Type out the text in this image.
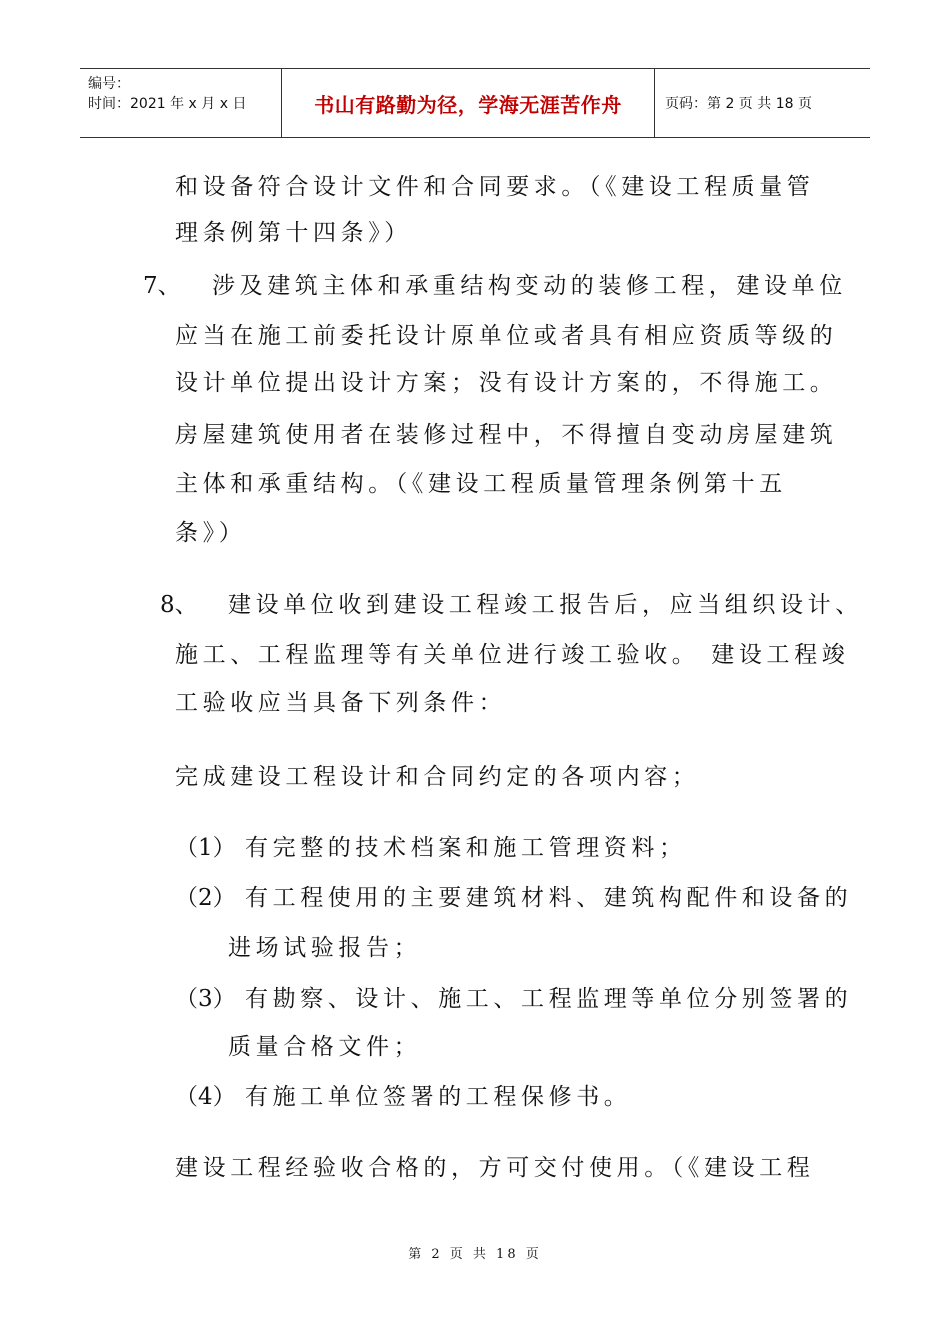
编号：
时间：2021 年 x 月 x 日	书山有路勤为径，学海无涯苦作舟	页码：第 2 页 共 18 页

和设备符合设计文件和合同要求。（《建设工程质量管

理条例第十四条》）

7、 涉及建筑主体和承重结构变动的装修工程，建设单位

应当在施工前委托设计原单位或者具有相应资质等级的

设计单位提出设计方案；没有设计方案的，不得施工。

房屋建筑使用者在装修过程中，不得擅自变动房屋建筑

主体和承重结构。（《建设工程质量管理条例第十五

条》）

8、 建设单位收到建设工程竣工报告后，应当组织设计、

施工、工程监理等有关单位进行竣工验收。 建设工程竣

工验收应当具备下列条件：

完成建设工程设计和合同约定的各项内容；

（1） 有完整的技术档案和施工管理资料；

（2） 有工程使用的主要建筑材料、建筑构配件和设备的

进场试验报告；

（3） 有勘察、设计、施工、工程监理等单位分别签署的

质量合格文件；

（4） 有施工单位签署的工程保修书。

建设工程经验收合格的，方可交付使用。（《建设工程

第 2 页 共 18 页
